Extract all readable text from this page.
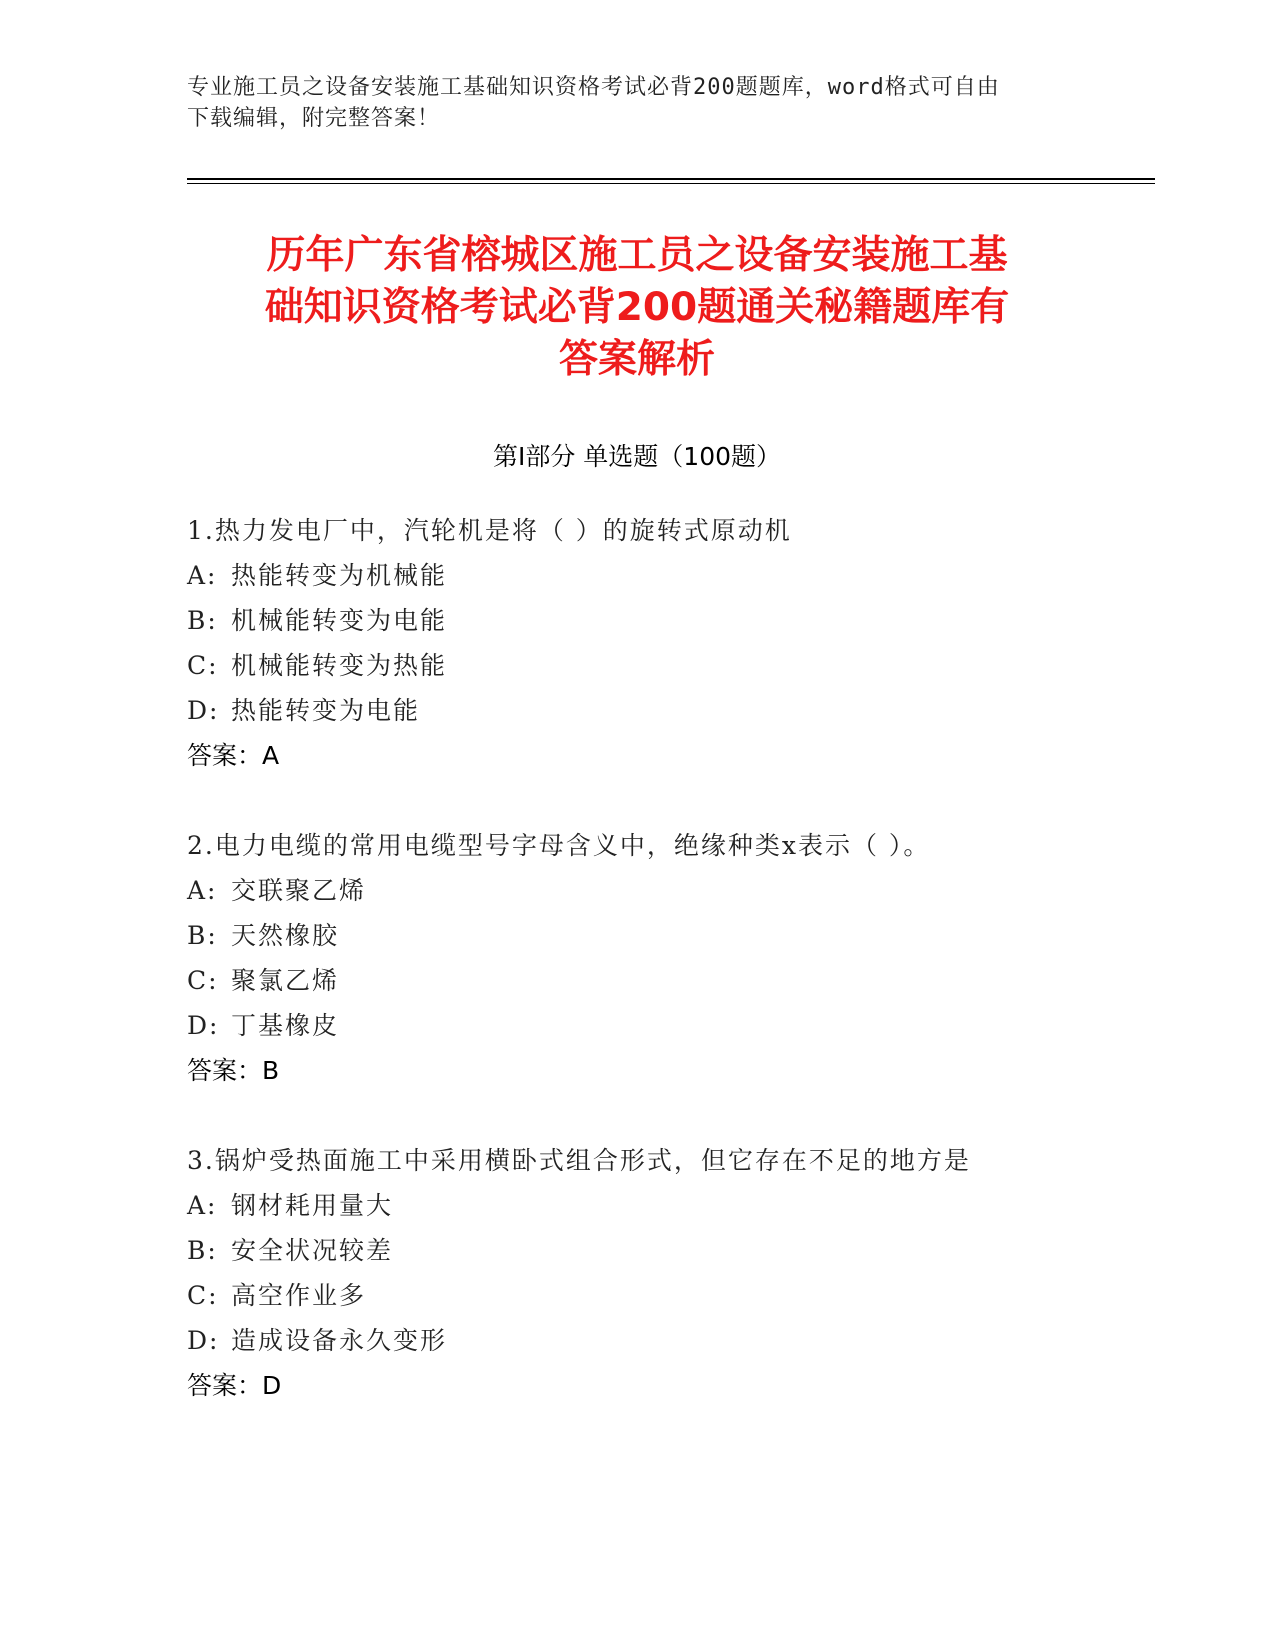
专业施工员之设备安装施工基础知识资格考试必背200题题库，word格式可自由
下载编辑，附完整答案！
历年广东省榕城区施工员之设备安装施工基
础知识资格考试必背200题通关秘籍题库有
答案解析
第Ⅰ部分 单选题（100题）
1.热力发电厂中，汽轮机是将（ ）的旋转式原动机
A: 热能转变为机械能
B: 机械能转变为电能
C: 机械能转变为热能
D: 热能转变为电能
答案：A
2.电力电缆的常用电缆型号字母含义中，绝缘种类x表示（ ）。
A: 交联聚乙烯
B: 天然橡胶
C: 聚氯乙烯
D: 丁基橡皮
答案：B
3.锅炉受热面施工中采用横卧式组合形式，但它存在不足的地方是
A: 钢材耗用量大
B: 安全状况较差
C: 高空作业多
D: 造成设备永久变形
答案：D
